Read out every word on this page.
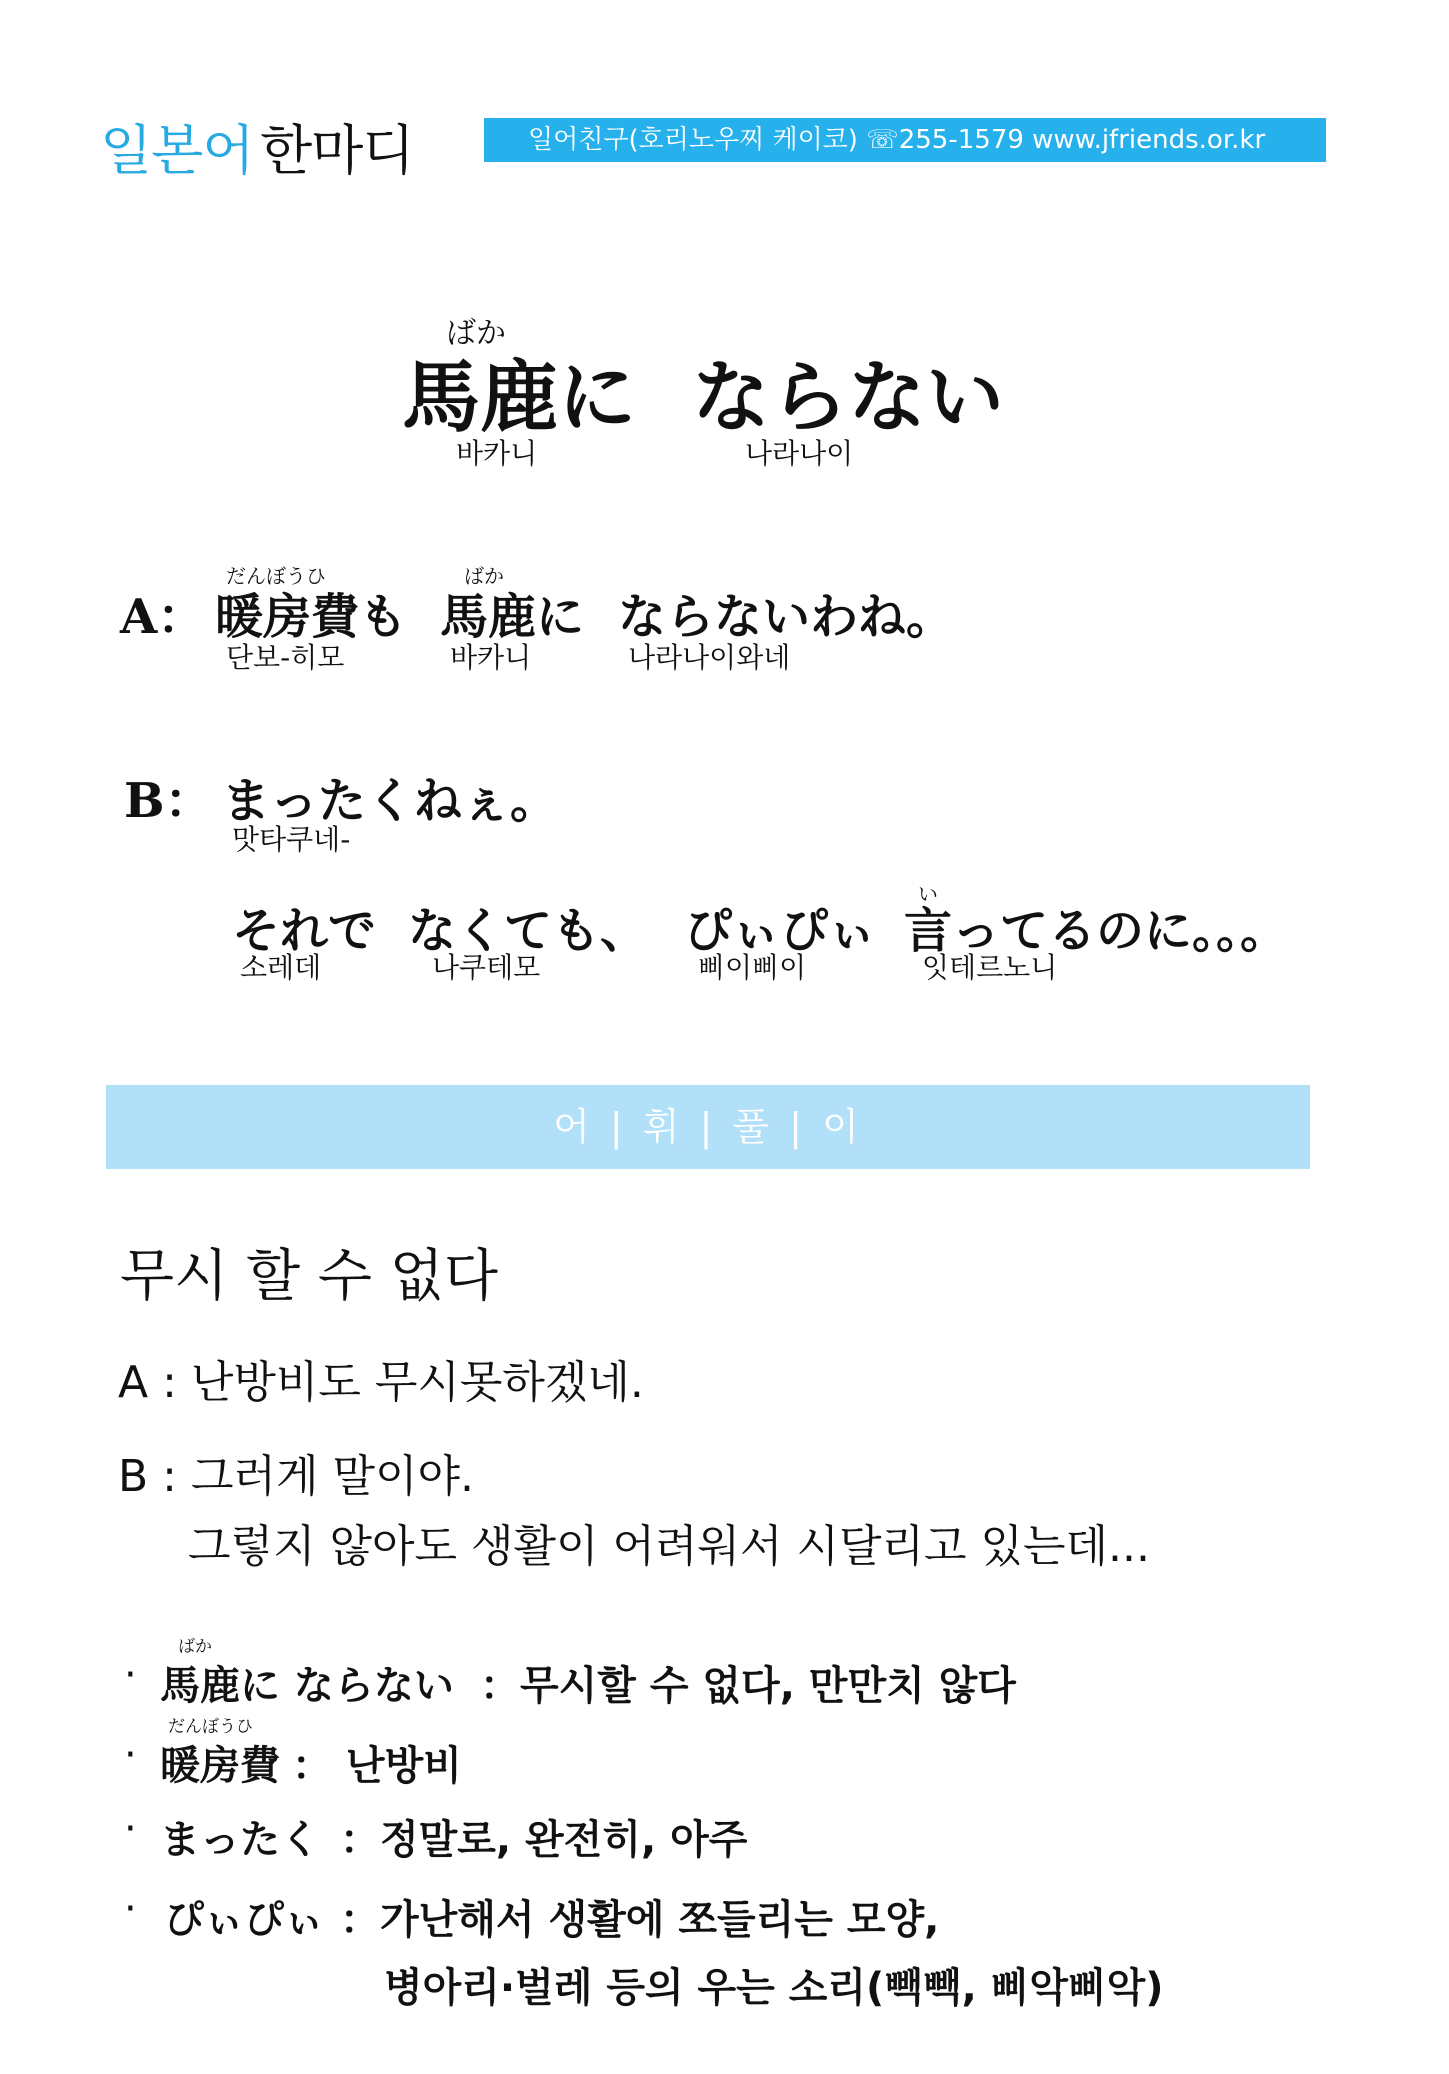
일본어 한마디	일어친구(호리노우찌 케이코) ☏255-1579 www.jfriends.or.kr
ばか
馬鹿に ならない
바카니	나라나이
だんぼうひ	ばか
A： 暖房費も 馬鹿に ならないわね。
단보-히모	바카니	나라나이와네
B： まったくねぇ。
맛타쿠네-
い
それで なくても、 ぴぃぴぃ 言ってるのに。。。
소레데	나쿠테모	삐이삐이	잇테르노니
어 | 휘 | 풀 | 이
무시 할 수 없다
A : 난방비도 무시못하겠네.
B : 그러게 말이야.
그렇지 않아도 생활이 어려워서 시달리고 있는데...
·
ばか
馬鹿に ならない ：무시할 수 없다, 만만치 않다
·
だんぼうひ
暖房費 ： 난방비
· まったく ：정말로, 완전히, 아주
· ぴぃぴぃ ：가난해서 생활에 쪼들리는 모양,
병아리·벌레 등의 우는 소리(빽빽, 삐악삐악)
